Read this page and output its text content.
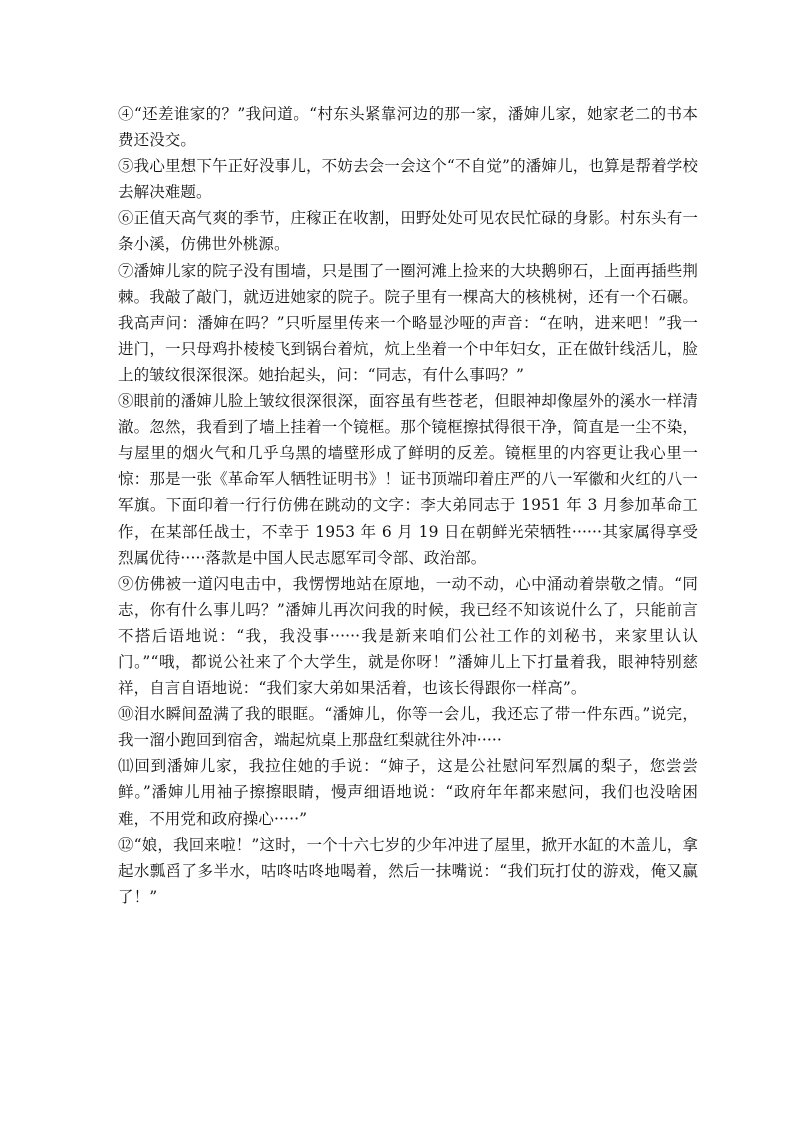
④“还差谁家的？”我问道。“村东头紧靠河边的那一家，潘婶儿家，她家老二的书本费还没交。

⑤我心里想下午正好没事儿，不妨去会一会这个“不自觉”的潘婶儿，也算是帮着学校去解决难题。

⑥正值天高气爽的季节，庄稼正在收割，田野处处可见农民忙碌的身影。村东头有一条小溪，仿佛世外桃源。

⑦潘婶儿家的院子没有围墙，只是围了一圈河滩上捡来的大块鹅卵石，上面再插些荆棘。我敲了敲门，就迈进她家的院子。院子里有一棵高大的核桃树，还有一个石碾。我高声问：潘婶在吗？”只听屋里传来一个略显沙哑的声音：“在呐，进来吧！”我一进门，一只母鸡扑棱棱飞到锅台着炕，炕上坐着一个中年妇女，正在做针线活儿，脸上的皱纹很深很深。她抬起头，问：“同志，有什么事吗？”

⑧眼前的潘婶儿脸上皱纹很深很深，面容虽有些苍老，但眼神却像屋外的溪水一样清澈。忽然，我看到了墙上挂着一个镜框。那个镜框擦拭得很干净，简直是一尘不染，与屋里的烟火气和几乎乌黑的墙壁形成了鲜明的反差。镜框里的内容更让我心里一惊：那是一张《革命军人牺牲证明书》！证书顶端印着庄严的八一军徽和火红的八一军旗。下面印着一行行仿佛在跳动的文字：李大弟同志于 1951 年 3 月参加革命工作，在某部任战士，不幸于 1953 年 6 月 19 日在朝鲜光荣牺牲······其家属得享受烈属优待·····落款是中国人民志愿军司令部、政治部。

⑨仿佛被一道闪电击中，我愣愣地站在原地，一动不动，心中涌动着崇敬之情。“同志，你有什么事儿吗？”潘婶儿再次问我的时候，我已经不知该说什么了，只能前言不搭后语地说：“我，我没事······我是新来咱们公社工作的刘秘书，来家里认认门。”“哦，都说公社来了个大学生，就是你呀！”潘婶儿上下打量着我，眼神特别慈祥，自言自语地说：“我们家大弟如果活着，也该长得跟你一样高”。

⑩泪水瞬间盈满了我的眼眶。“潘婶儿，你等一会儿，我还忘了带一件东西。”说完，我一溜小跑回到宿舍，端起炕桌上那盘红梨就往外冲·····

⑾回到潘婶儿家，我拉住她的手说：“婶子，这是公社慰问军烈属的梨子，您尝尝鲜。”潘婶儿用袖子擦擦眼睛，慢声细语地说：“政府年年都来慰问，我们也没啥困难，不用党和政府操心·····”

⑫“娘，我回来啦！”这时，一个十六七岁的少年冲进了屋里，掀开水缸的木盖儿，拿起水瓢舀了多半水，咕咚咕咚地喝着，然后一抹嘴说：“我们玩打仗的游戏，俺又赢了！”
